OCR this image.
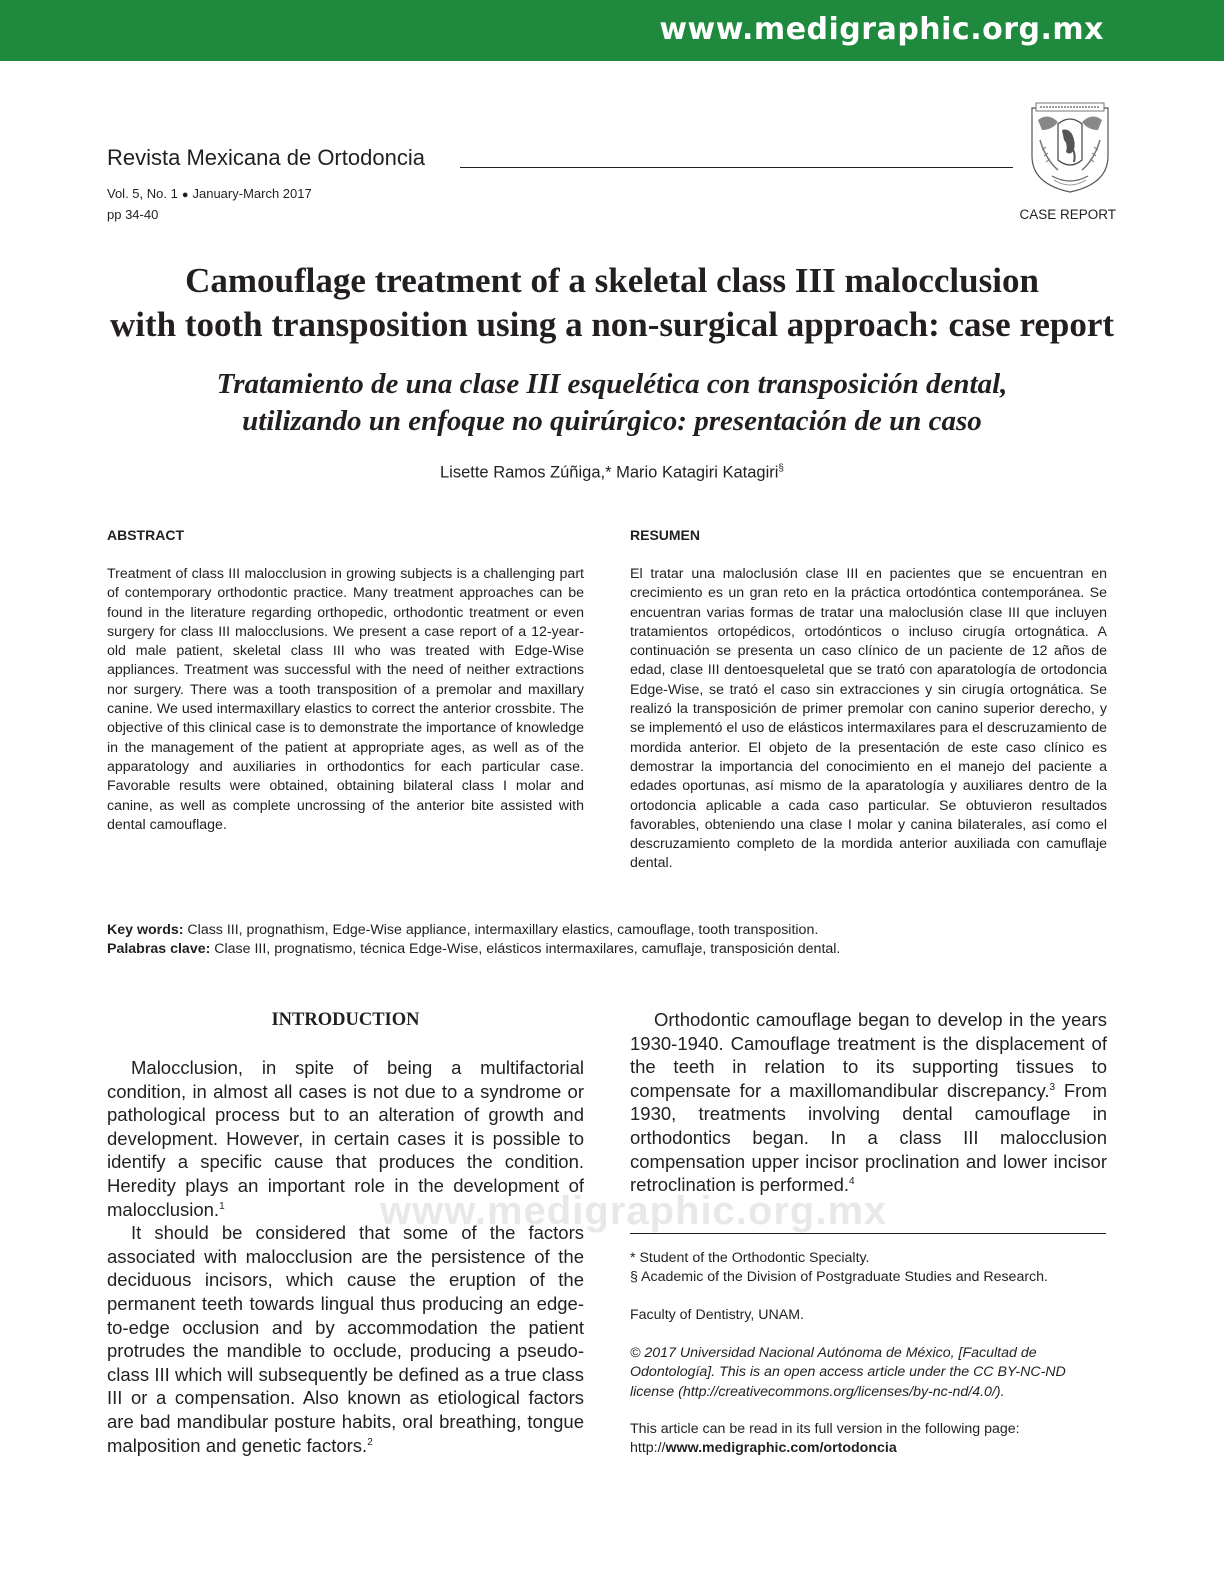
www.medigraphic.org.mx
Revista Mexicana de Ortodoncia
Vol. 5, No. 1 ● January-March 2017
pp 34-40	CASE REPORT
Camouflage treatment of a skeletal class III malocclusion
with tooth transposition using a non-surgical approach: case report
Tratamiento de una clase III esquelética con transposición dental,
utilizando un enfoque no quirúrgico: presentación de un caso
Lisette Ramos Zúñiga,* Mario Katagiri Katagiri§
ABSTRACT

Treatment of class III malocclusion in growing subjects is a challenging part of contemporary orthodontic practice. Many treatment approaches can be found in the literature regarding orthopedic, orthodontic treatment or even surgery for class III malocclusions. We present a case report of a 12-year-old male patient, skeletal class III who was treated with Edge-Wise appliances. Treatment was successful with the need of neither extractions nor surgery. There was a tooth transposition of a premolar and maxillary canine. We used intermaxillary elastics to correct the anterior crossbite. The objective of this clinical case is to demonstrate the importance of knowledge in the management of the patient at appropriate ages, as well as of the apparatology and auxiliaries in orthodontics for each particular case. Favorable results were obtained, obtaining bilateral class I molar and canine, as well as complete uncrossing of the anterior bite assisted with dental camouflage.

RESUMEN

El tratar una maloclusión clase III en pacientes que se encuentran en crecimiento es un gran reto en la práctica ortodóntica contemporánea. Se encuentran varias formas de tratar una maloclusión clase III que incluyen tratamientos ortopédicos, ortodónticos o incluso cirugía ortognática. A continuación se presenta un caso clínico de un paciente de 12 años de edad, clase III dentoesqueletal que se trató con aparatología de ortodoncia Edge-Wise, se trató el caso sin extracciones y sin cirugía ortognática. Se realizó la transposición de primer premolar con canino superior derecho, y se implementó el uso de elásticos intermaxilares para el descruzamiento de mordida anterior. El objeto de la presentación de este caso clínico es demostrar la importancia del conocimiento en el manejo del paciente a edades oportunas, así mismo de la aparatología y auxiliares dentro de la ortodoncia aplicable a cada caso particular. Se obtuvieron resultados favorables, obteniendo una clase I molar y canina bilaterales, así como el descruzamiento completo de la mordida anterior auxiliada con camuflaje dental.

Key words: Class III, prognathism, Edge-Wise appliance, intermaxillary elastics, camouflage, tooth transposition.
Palabras clave: Clase III, prognatismo, técnica Edge-Wise, elásticos intermaxilares, camuflaje, transposición dental.
INTRODUCTION

Malocclusion, in spite of being a multifactorial condition, in almost all cases is not due to a syndrome or pathological process but to an alteration of growth and development. However, in certain cases it is possible to identify a specific cause that produces the condition. Heredity plays an important role in the development of malocclusion.$^1$

It should be considered that some of the factors associated with malocclusion are the persistence of the deciduous incisors, which cause the eruption of the permanent teeth towards lingual thus producing an edge-to-edge occlusion and by accommodation the patient protrudes the mandible to occlude, producing a pseudo-class III which will subsequently be defined as a true class III or a compensation. Also known as etiological factors are bad mandibular posture habits, oral breathing, tongue malposition and genetic factors.$^2$

Orthodontic camouflage began to develop in the years 1930-1940. Camouflage treatment is the displacement of the teeth in relation to its supporting tissues to compensate for a maxillomandibular discrepancy.$^3$ From 1930, treatments involving dental camouflage in orthodontics began. In a class III malocclusion compensation upper incisor proclination and lower incisor retroclination is performed.$^4$

www.medigraphic.org.mx

* Student of the Orthodontic Specialty.

§ Academic of the Division of Postgraduate Studies and Research.

Faculty of Dentistry, UNAM.

© 2017 Universidad Nacional Autónoma de México, [Facultad de Odontología]. This is an open access article under the CC BY-NC-ND license (http://creativecommons.org/licenses/by-nc-nd/4.0/).

This article can be read in its full version in the following page:

http://www.medigraphic.com/ortodoncia
